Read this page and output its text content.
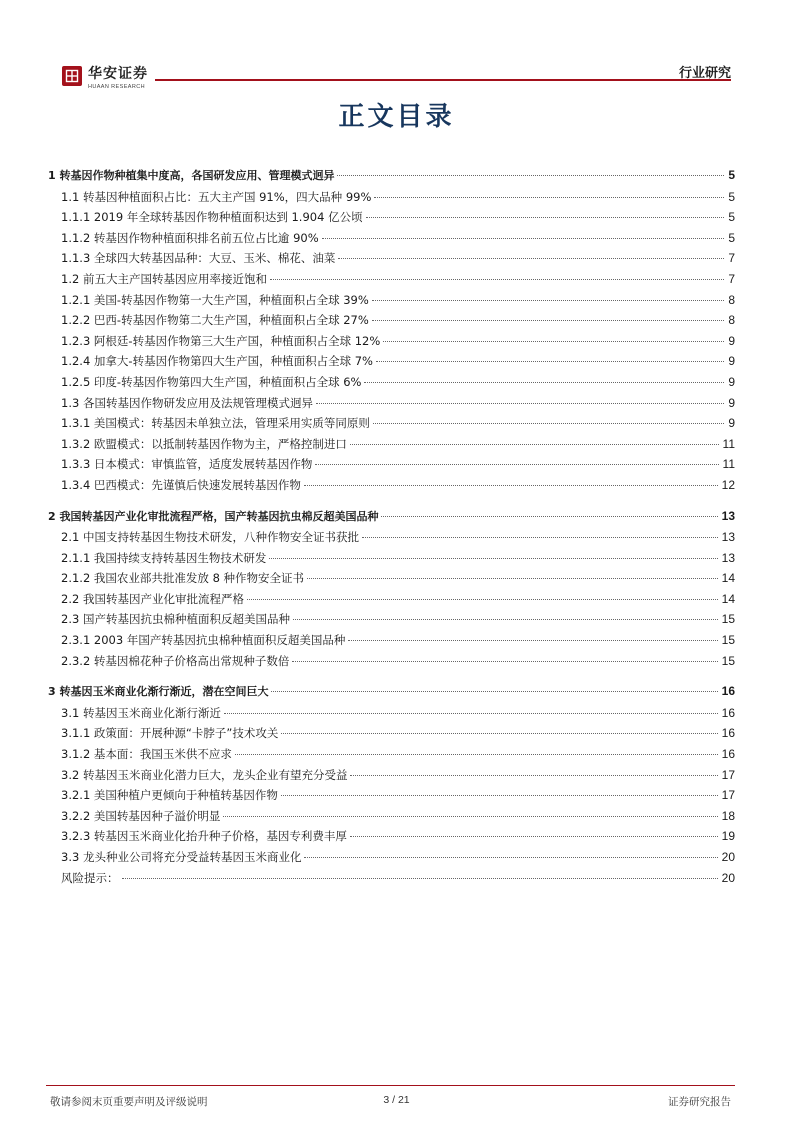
华安证券
HUAAN RESEARCH
行业研究
正文目录
1 转基因作物种植集中度高，各国研发应用、管理模式迥异	5
1.1 转基因种植面积占比：五大主产国 91%，四大品种 99%	5
1.1.1 2019 年全球转基因作物种植面积达到 1.904 亿公顷	5
1.1.2 转基因作物种植面积排名前五位占比逾 90%	5
1.1.3 全球四大转基因品种：大豆、玉米、棉花、油菜	7
1.2 前五大主产国转基因应用率接近饱和	7
1.2.1 美国-转基因作物第一大生产国，种植面积占全球 39%	8
1.2.2 巴西-转基因作物第二大生产国，种植面积占全球 27%	8
1.2.3 阿根廷-转基因作物第三大生产国，种植面积占全球 12%	9
1.2.4 加拿大-转基因作物第四大生产国，种植面积占全球 7%	9
1.2.5 印度-转基因作物第四大生产国，种植面积占全球 6%	9
1.3 各国转基因作物研发应用及法规管理模式迥异	9
1.3.1 美国模式：转基因未单独立法，管理采用实质等同原则	9
1.3.2 欧盟模式：以抵制转基因作物为主，严格控制进口	11
1.3.3 日本模式：审慎监管，适度发展转基因作物	11
1.3.4 巴西模式：先谨慎后快速发展转基因作物	12
2 我国转基因产业化审批流程严格，国产转基因抗虫棉反超美国品种	13
2.1 中国支持转基因生物技术研发，八种作物安全证书获批	13
2.1.1 我国持续支持转基因生物技术研发	13
2.1.2 我国农业部共批准发放 8 种作物安全证书	14
2.2 我国转基因产业化审批流程严格	14
2.3 国产转基因抗虫棉种植面积反超美国品种	15
2.3.1 2003 年国产转基因抗虫棉种植面积反超美国品种	15
2.3.2 转基因棉花种子价格高出常规种子数倍	15
3 转基因玉米商业化渐行渐近，潜在空间巨大	16
3.1 转基因玉米商业化渐行渐近	16
3.1.1 政策面：开展种源“卡脖子”技术攻关	16
3.1.2 基本面：我国玉米供不应求	16
3.2 转基因玉米商业化潜力巨大，龙头企业有望充分受益	17
3.2.1 美国种植户更倾向于种植转基因作物	17
3.2.2 美国转基因种子溢价明显	18
3.2.3 转基因玉米商业化抬升种子价格，基因专利费丰厚	19
3.3 龙头种业公司将充分受益转基因玉米商业化	20
风险提示：	20
敬请参阅末页重要声明及评级说明	3 / 21	证券研究报告
